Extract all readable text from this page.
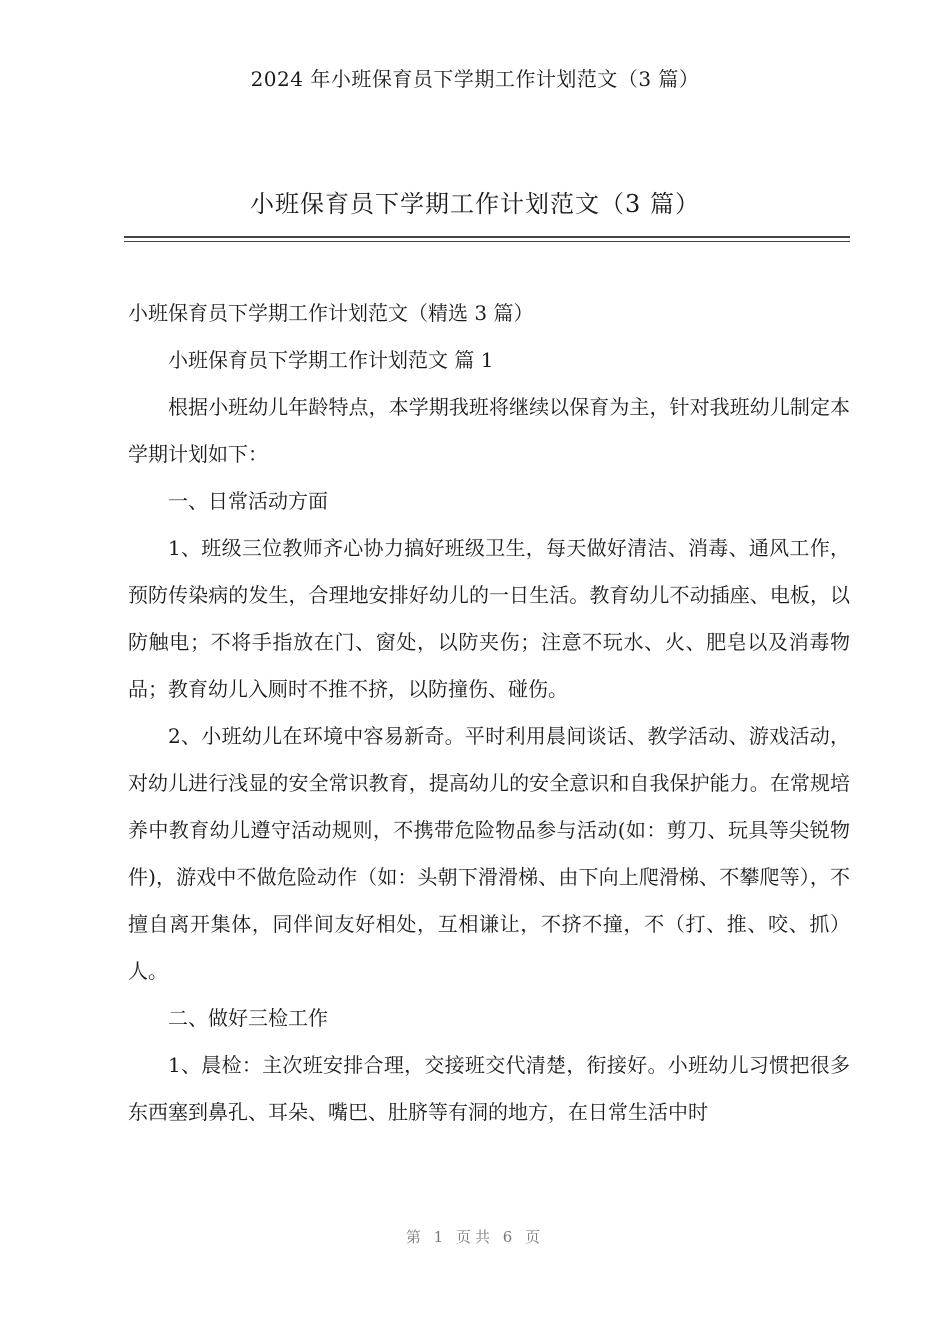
2024 年小班保育员下学期工作计划范文（3 篇）
小班保育员下学期工作计划范文（3 篇）

小班保育员下学期工作计划范文（精选 3 篇）

小班保育员下学期工作计划范文 篇 1

根据小班幼儿年龄特点，本学期我班将继续以保育为主，针对我班幼儿制定本学期计划如下：

一、日常活动方面

1、班级三位教师齐心协力搞好班级卫生，每天做好清洁、消毒、通风工作，预防传染病的发生，合理地安排好幼儿的一日生活。教育幼儿不动插座、电板，以防触电；不将手指放在门、窗处，以防夹伤；注意不玩水、火、肥皂以及消毒物品；教育幼儿入厕时不推不挤，以防撞伤、碰伤。

2、小班幼儿在环境中容易新奇。平时利用晨间谈话、教学活动、游戏活动，对幼儿进行浅显的安全常识教育，提高幼儿的安全意识和自我保护能力。在常规培养中教育幼儿遵守活动规则，不携带危险物品参与活动(如：剪刀、玩具等尖锐物件)，游戏中不做危险动作（如：头朝下滑滑梯、由下向上爬滑梯、不攀爬等），不擅自离开集体，同伴间友好相处，互相谦让，不挤不撞，不（打、推、咬、抓）人。

二、做好三检工作

1、晨检：主次班安排合理，交接班交代清楚，衔接好。小班幼儿习惯把很多东西塞到鼻孔、耳朵、嘴巴、肚脐等有洞的地方，在日常生活中时

第 1 页共 6 页
